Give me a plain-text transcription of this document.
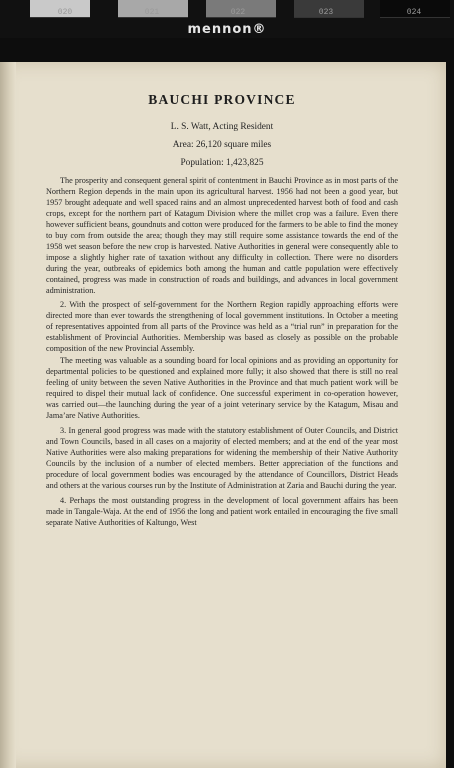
020	021	022	023	024
mennon®
BAUCHI PROVINCE
L. S. Watt, Acting Resident
Area: 26,120 square miles
Population: 1,423,825

The prosperity and consequent general spirit of contentment in Bauchi Province as in most parts of the Northern Region depends in the main upon its agricultural harvest. 1956 had not been a good year, but 1957 brought adequate and well spaced rains and an almost unprecedented harvest both of food and cash crops, except for the northern part of Katagum Division where the millet crop was a failure. Even there however sufficient beans, goundnuts and cotton were produced for the farmers to be able to find the money to buy corn from outside the area; though they may still require some assistance towards the end of the 1958 wet season before the new crop is harvested. Native Authorities in general were consequently able to impose a slightly higher rate of taxation without any difficulty in collection. There were no disorders during the year, outbreaks of epidemics both among the human and cattle population were effectively contained, progress was made in construction of roads and buildings, and advances in local government administration.

2. With the prospect of self-government for the Northern Region rapidly approaching efforts were directed more than ever towards the strengthening of local government institutions. In October a meeting of representatives appointed from all parts of the Province was held as a “trial run” in preparation for the establishment of Provincial Authorities. Membership was based as closely as possible on the probable composition of the new Provincial Assembly.

The meeting was valuable as a sounding board for local opinions and as providing an opportunity for departmental policies to be questioned and explained more fully; it also showed that there is still no real feeling of unity between the seven Native Authorities in the Province and that much patient work will be required to dispel their mutual lack of confidence. One successful experiment in co-operation however, was carried out—the launching during the year of a joint veterinary service by the Katagum, Misau and Jama’are Native Authorities.

3. In general good progress was made with the statutory establishment of Outer Councils, and District and Town Councils, based in all cases on a majority of elected members; and at the end of the year most Native Authorities were also making preparations for widening the membership of their Native Authority Councils by the inclusion of a number of elected members. Better appreciation of the functions and procedure of local government bodies was encouraged by the attendance of Councillors, District Heads and others at the various courses run by the Institute of Administration at Zaria and Bauchi during the year.

4. Perhaps the most outstanding progress in the development of local government affairs has been made in Tangale-Waja. At the end of 1956 the long and patient work entailed in encouraging the five small separate Native Authorities of Kaltungo, West
